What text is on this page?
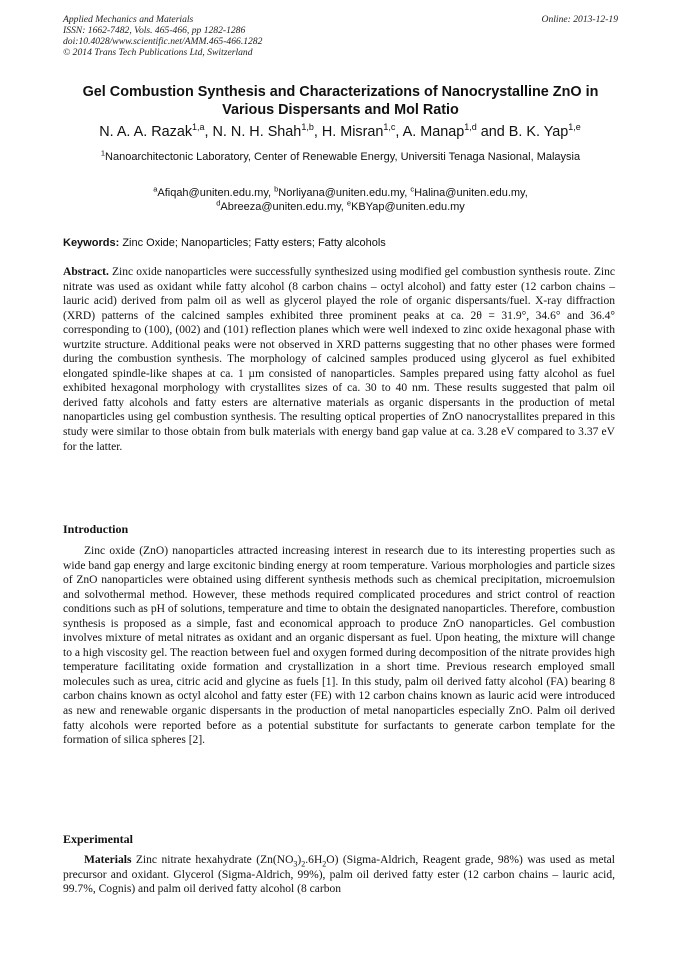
Applied Mechanics and Materials	Online: 2013-12-19
ISSN: 1662-7482, Vols. 465-466, pp 1282-1286
doi:10.4028/www.scientific.net/AMM.465-466.1282
© 2014 Trans Tech Publications Ltd, Switzerland
Gel Combustion Synthesis and Characterizations of Nanocrystalline ZnO in Various Dispersants and Mol Ratio
N. A. A. Razak$^{1,a}$, N. N. H. Shah$^{1,b}$, H. Misran$^{1,c}$, A. Manap$^{1,d}$ and B. K. Yap$^{1,e}$
$^1$Nanoarchitectonic Laboratory, Center of Renewable Energy, Universiti Tenaga Nasional, Malaysia
$^a$Afiqah@uniten.edu.my, $^b$Norliyana@uniten.edu.my, $^c$Halina@uniten.edu.my,
$^d$Abreeza@uniten.edu.my, $^e$KBYap@uniten.edu.my
Keywords: Zinc Oxide; Nanoparticles; Fatty esters; Fatty alcohols
Abstract. Zinc oxide nanoparticles were successfully synthesized using modified gel combustion synthesis route. Zinc nitrate was used as oxidant while fatty alcohol (8 carbon chains – octyl alcohol) and fatty ester (12 carbon chains – lauric acid) derived from palm oil as well as glycerol played the role of organic dispersants/fuel. X-ray diffraction (XRD) patterns of the calcined samples exhibited three prominent peaks at ca. 2θ = 31.9°, 34.6° and 36.4° corresponding to (100), (002) and (101) reflection planes which were well indexed to zinc oxide hexagonal phase with wurtzite structure. Additional peaks were not observed in XRD patterns suggesting that no other phases were formed during the combustion synthesis. The morphology of calcined samples produced using glycerol as fuel exhibited elongated spindle-like shapes at ca. 1 µm consisted of nanoparticles. Samples prepared using fatty alcohol as fuel exhibited hexagonal morphology with crystallites sizes of ca. 30 to 40 nm. These results suggested that palm oil derived fatty alcohols and fatty esters are alternative materials as organic dispersants in the production of metal nanoparticles using gel combustion synthesis. The resulting optical properties of ZnO nanocrystallites prepared in this study were similar to those obtain from bulk materials with energy band gap value at ca. 3.28 eV compared to 3.37 eV for the latter.
Introduction
Zinc oxide (ZnO) nanoparticles attracted increasing interest in research due to its interesting properties such as wide band gap energy and large excitonic binding energy at room temperature. Various morphologies and particle sizes of ZnO nanoparticles were obtained using different synthesis methods such as chemical precipitation, microemulsion and solvothermal method. However, these methods required complicated procedures and strict control of reaction conditions such as pH of solutions, temperature and time to obtain the designated nanoparticles. Therefore, combustion synthesis is proposed as a simple, fast and economical approach to produce ZnO nanoparticles. Gel combustion involves mixture of metal nitrates as oxidant and an organic dispersant as fuel. Upon heating, the mixture will change to a high viscosity gel. The reaction between fuel and oxygen formed during decomposition of the nitrate provides high temperature facilitating oxide formation and crystallization in a short time. Previous research employed small molecules such as urea, citric acid and glycine as fuels [1]. In this study, palm oil derived fatty alcohol (FA) bearing 8 carbon chains known as octyl alcohol and fatty ester (FE) with 12 carbon chains known as lauric acid were introduced as new and renewable organic dispersants in the production of metal nanoparticles especially ZnO. Palm oil derived fatty alcohols were reported before as a potential substitute for surfactants to generate carbon template for the formation of silica spheres [2].
Experimental
Materials Zinc nitrate hexahydrate $(Zn(NO_3)_2.6H_2O)$ (Sigma-Aldrich, Reagent grade, 98%) was used as metal precursor and oxidant. Glycerol (Sigma-Aldrich, 99%), palm oil derived fatty ester (12 carbon chains – lauric acid, 99.7%, Cognis) and palm oil derived fatty alcohol (8 carbon
